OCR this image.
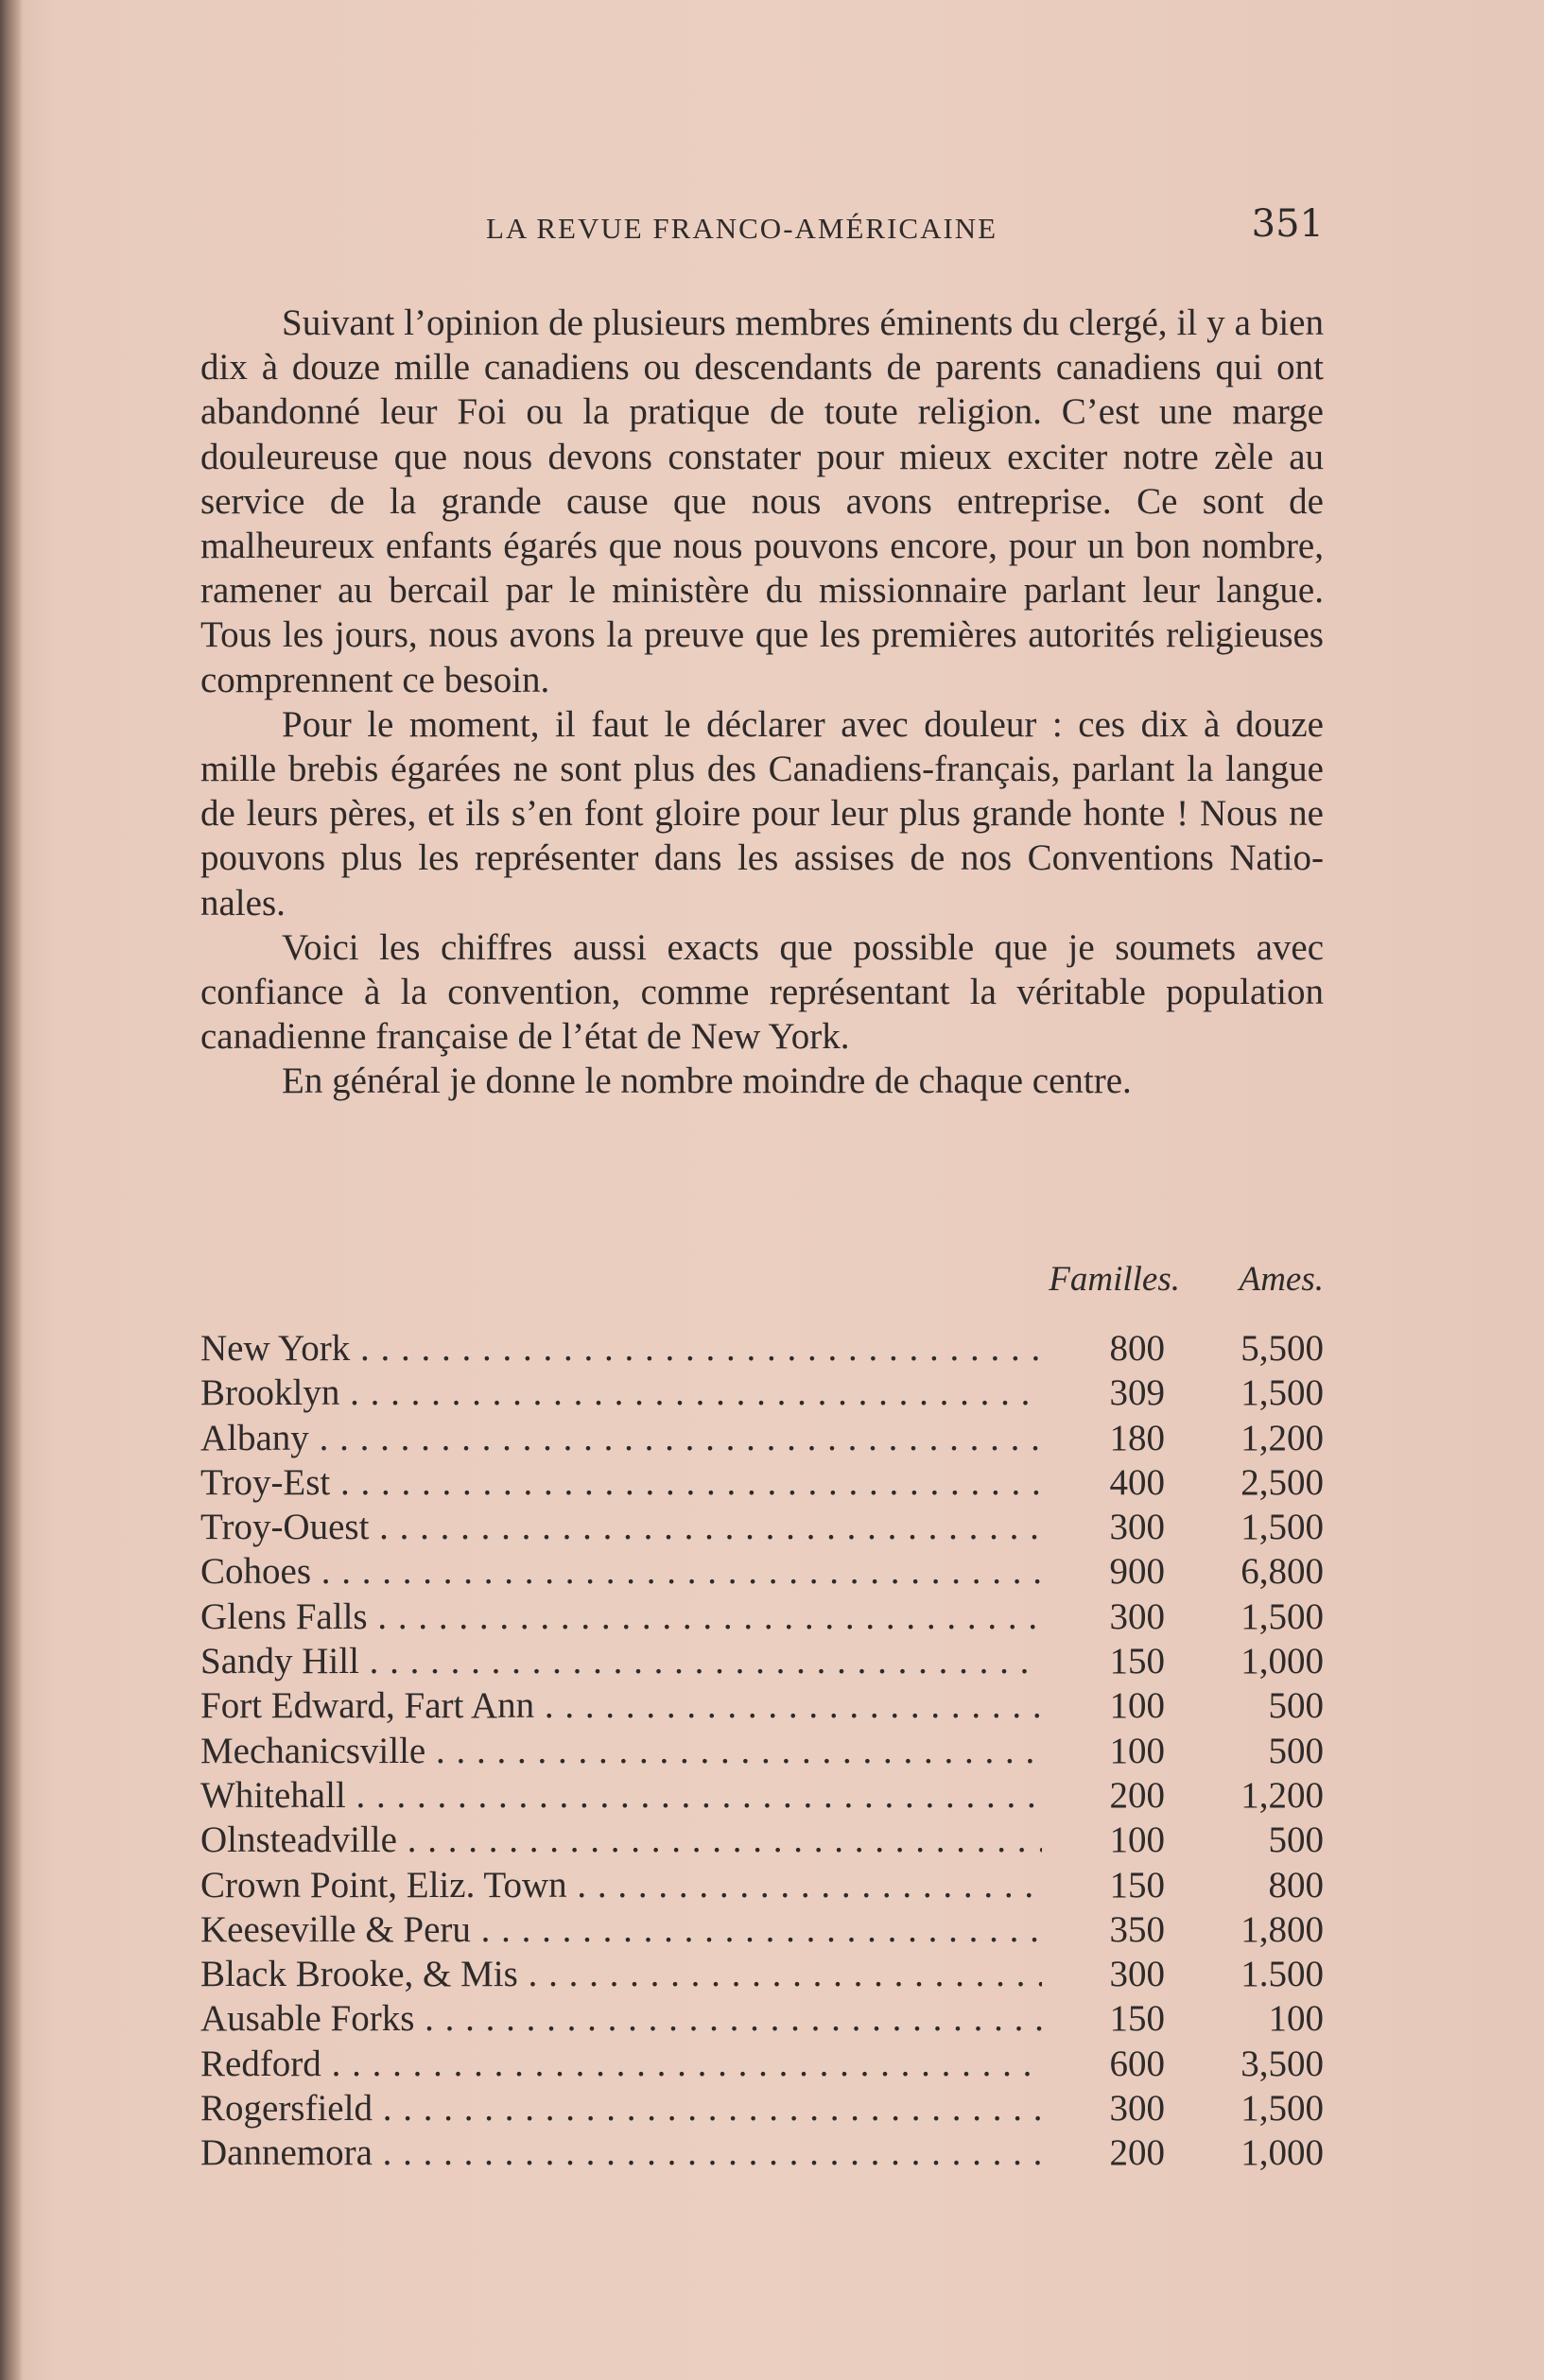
LA REVUE FRANCO-AMÉRICAINE	351

Suivant l’opinion de plusieurs membres éminents du clergé, il y a bien dix à douze mille canadiens ou descendants de parents canadiens qui ont abandonné leur Foi ou la pratique de toute religion. C’est une marge douleureuse que nous devons constater pour mieux exciter notre zèle au service de la grande cause que nous avons entreprise. Ce sont de malheureux enfants égarés que nous pouvons encore, pour un bon nombre, ramener au bercail par le ministère du missionnaire parlant leur langue. Tous les jours, nous avons la preuve que les premières autorités religieuses comprennent ce besoin.

Pour le moment, il faut le déclarer avec douleur : ces dix à douze mille brebis égarées ne sont plus des Canadiens-français, parlant la langue de leurs pères, et ils s’en font gloire pour leur plus grande honte ! Nous ne pouvons plus les représenter dans les assises de nos Conventions Nationales.

Voici les chiffres aussi exacts que possible que je soumets avec confiance à la convention, comme représentant la véritable population canadienne française de l’état de New York.

En général je donne le nombre moindre de chaque centre.

Familles. Ames.
New York . . .	800	5,500
Brooklyn . . .	309	1,500
Albany . . .	180	1,200
Troy-Est . . .	400	2,500
Troy-Ouest . . .	300	1,500
Cohoes . . .	900	6,800
Glens Falls . . .	300	1,500
Sandy Hill . . .	150	1,000
Fort Edward, Fart Ann . . .	100	500
Mechanicsville . . .	100	500
Whitehall . . .	200	1,200
Olnsteadville . . .	100	500
Crown Point, Eliz. Town . . .	150	800
Keeseville & Peru . . .	350	1,800
Black Brooke, & Mis . . .	300	1.500
Ausable Forks . . .	150	100
Redford . . .	600	3,500
Rogersfield . . .	300	1,500
Dannemora . . .	200	1,000
